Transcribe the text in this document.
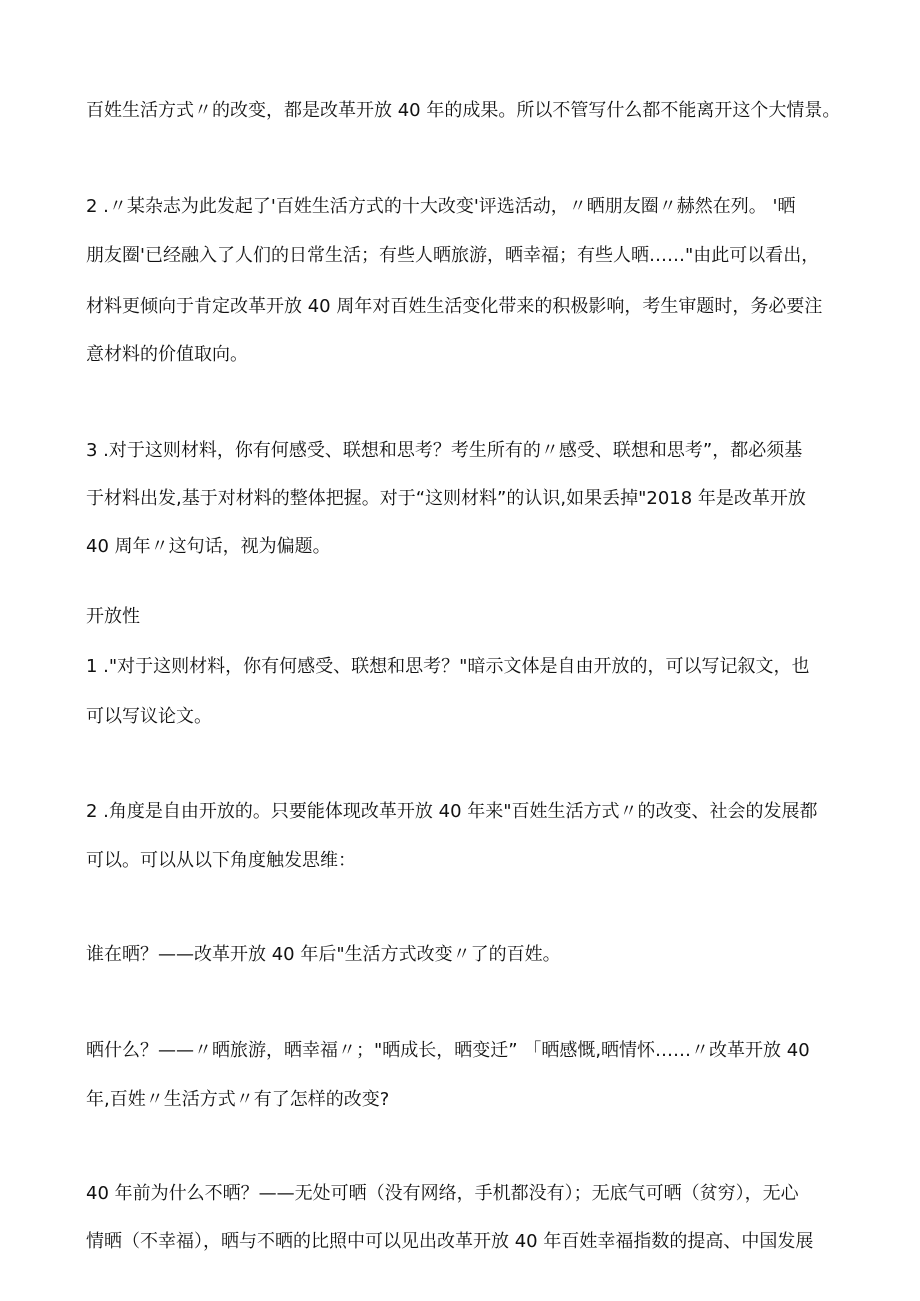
百姓生活方式〃的改变，都是改革开放 40 年的成果。所以不管写什么都不能离开这个大情景。
2 .〃某杂志为此发起了'百姓生活方式的十大改变'评选活动，〃晒朋友圈〃赫然在列。 '晒
朋友圈'已经融入了人们的日常生活；有些人晒旅游，晒幸福；有些人晒……"由此可以看出，
材料更倾向于肯定改革开放 40 周年对百姓生活变化带来的积极影响，考生审题时，务必要注
意材料的价值取向。
3 .对于这则材料，你有何感受、联想和思考？考生所有的〃感受、联想和思考”，都必须基
于材料出发,基于对材料的整体把握。对于“这则材料”的认识,如果丢掉"2018 年是改革开放
40 周年〃这句话，视为偏题。
开放性
1 ."对于这则材料，你有何感受、联想和思考？"暗示文体是自由开放的，可以写记叙文，也
可以写议论文。
2 .角度是自由开放的。只要能体现改革开放 40 年来"百姓生活方式〃的改变、社会的发展都
可以。可以从以下角度触发思维：
谁在晒？——改革开放 40 年后"生活方式改变〃了的百姓。
晒什么？——〃晒旅游，晒幸福〃；"晒成长，晒变迁” 「晒感慨,晒情怀……〃改革开放 40
年,百姓〃生活方式〃有了怎样的改变?
40 年前为什么不晒？——无处可晒（没有网络，手机都没有）；无底气可晒（贫穷），无心
情晒（不幸福），晒与不晒的比照中可以见出改革开放 40 年百姓幸福指数的提高、中国发展
